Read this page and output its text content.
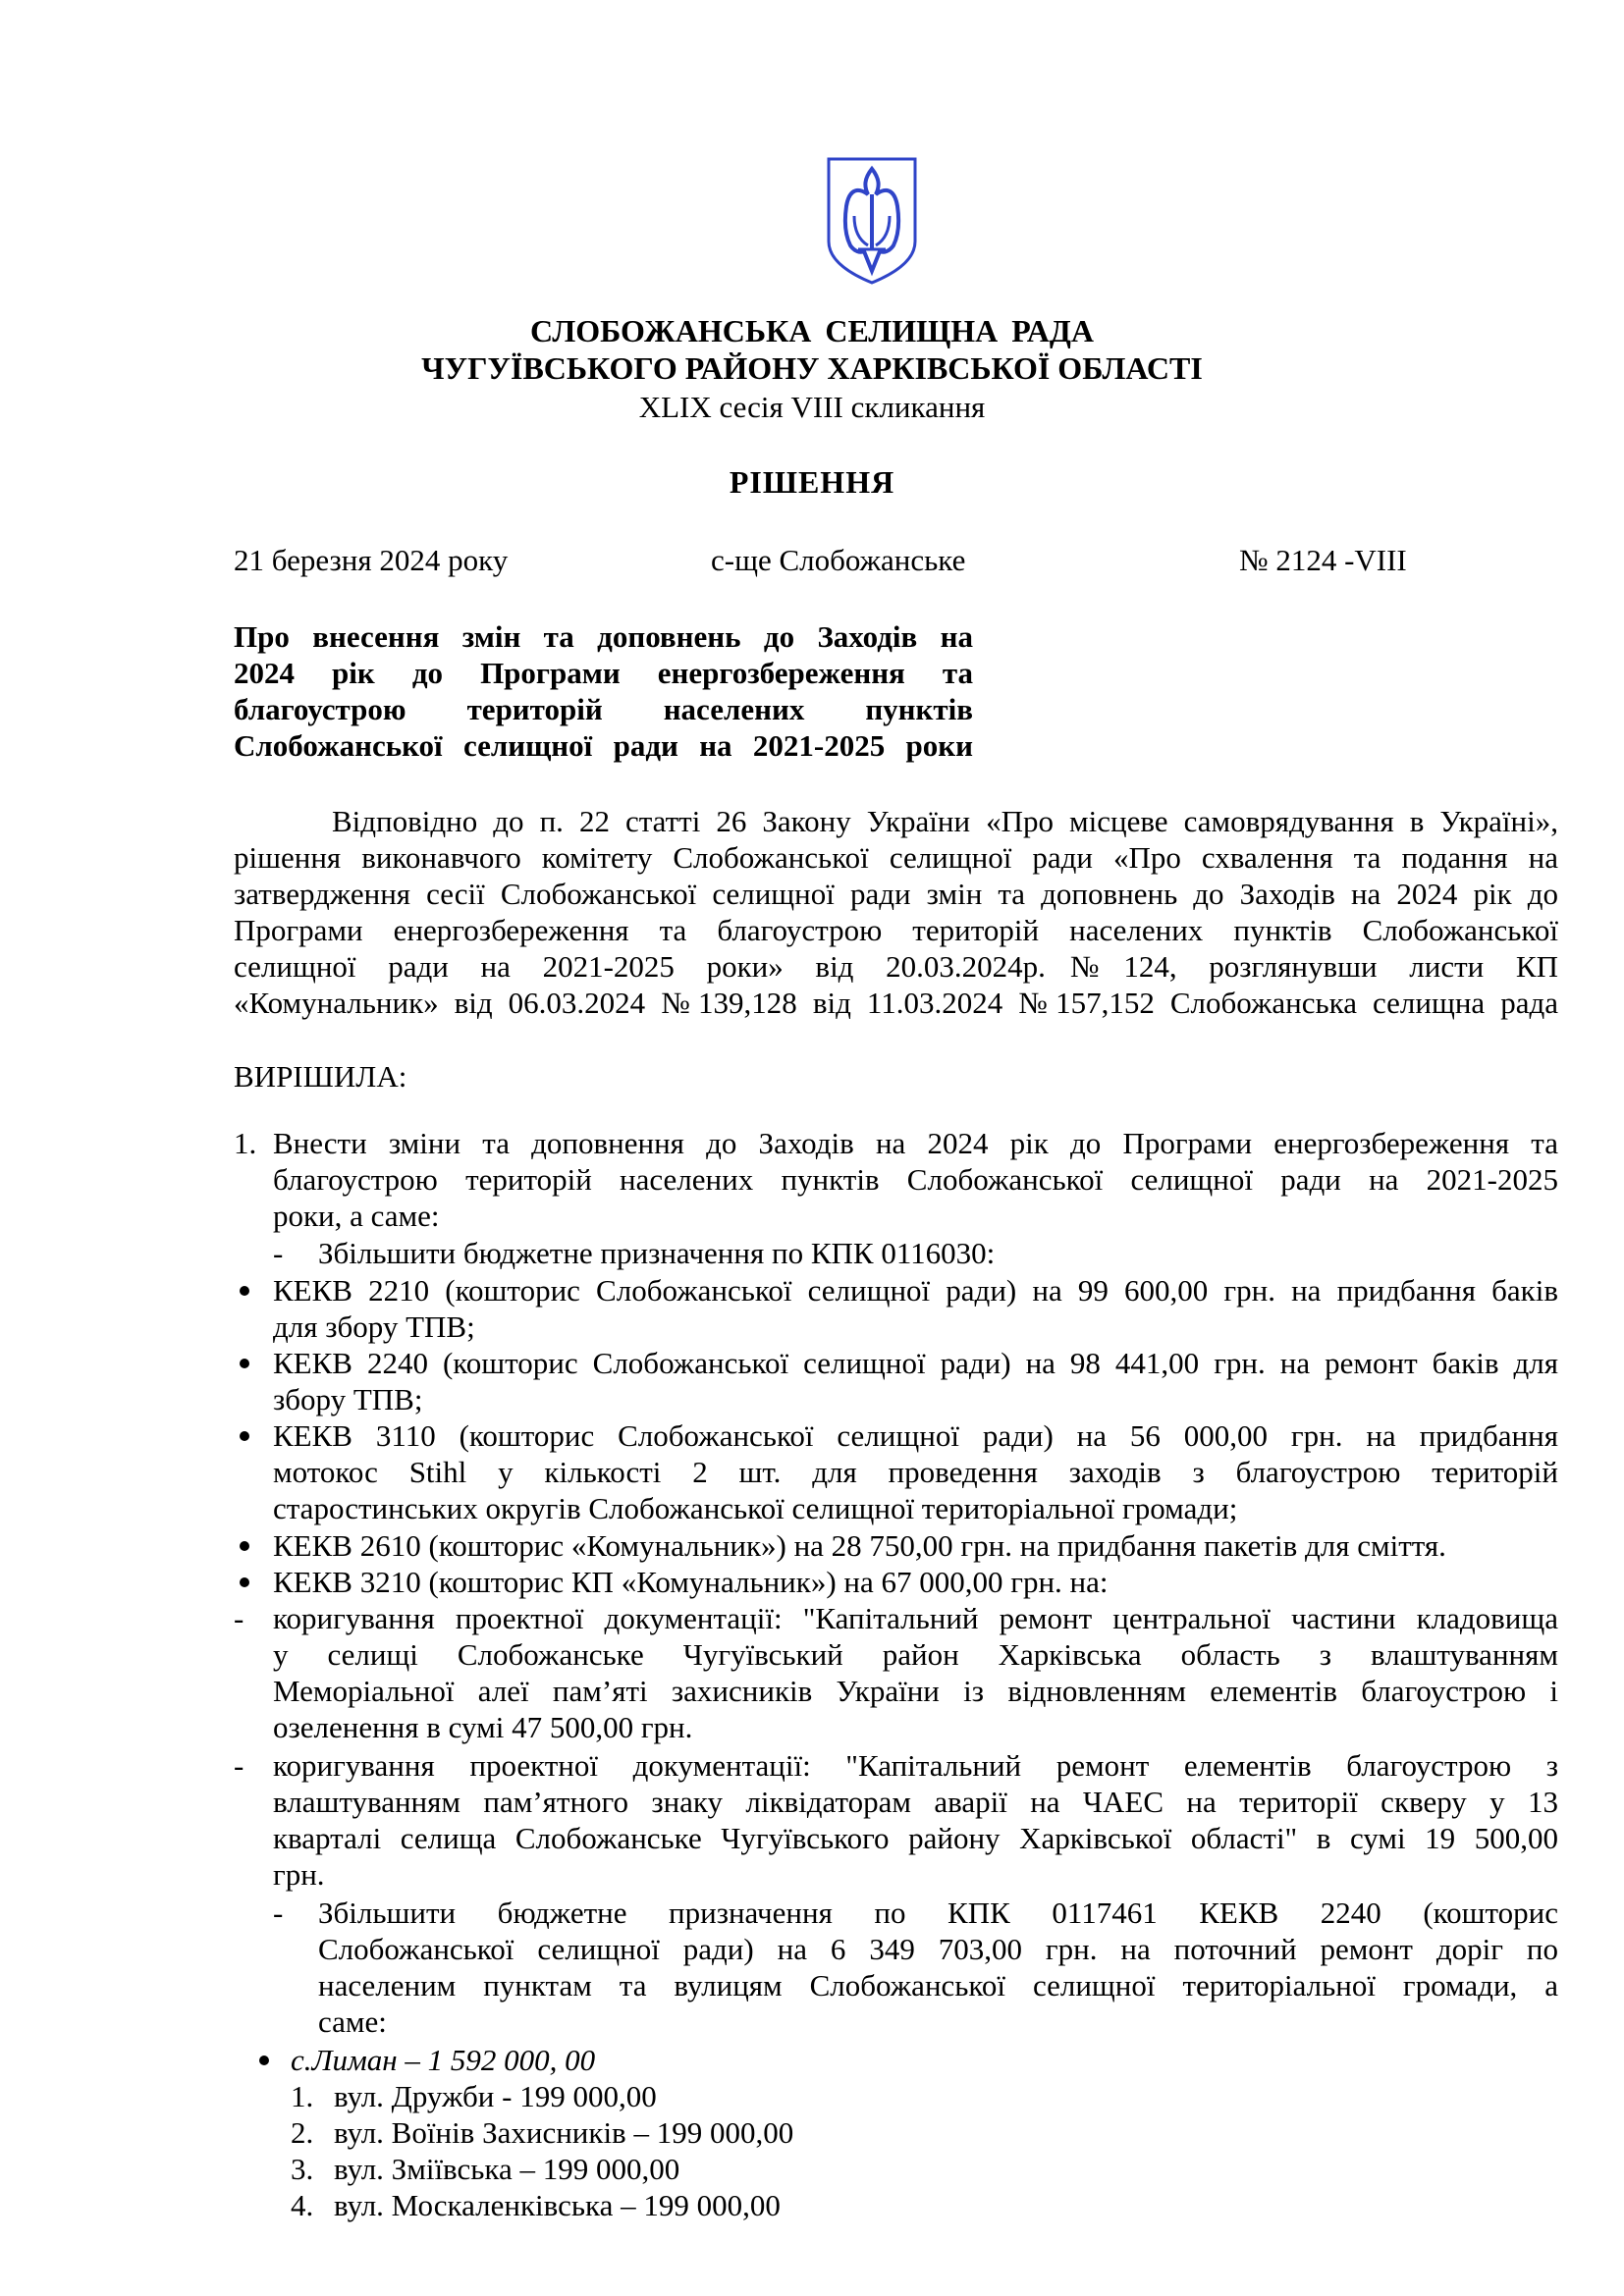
СЛОБОЖАНСЬКА СЕЛИЩНА РАДА
ЧУГУЇВСЬКОГО РАЙОНУ ХАРКІВСЬКОЇ ОБЛАСТІ
XLIX сесія VIII скликання
РІШЕННЯ
21 березня 2024 року	с-ще Слобожанське	№ 2124 -VIII
Про внесення змін та доповнень до Заходів на
2024 рік до Програми енергозбереження та
благоустрою територій населених пунктів
Слобожанської селищної ради на 2021-2025 роки
Відповідно до п. 22 статті 26 Закону України «Про місцеве самоврядування в Україні»,
рішення виконавчого комітету Слобожанської селищної ради «Про схвалення та подання на
затвердження сесії Слобожанської селищної ради змін та доповнень до Заходів на 2024 рік до
Програми енергозбереження та благоустрою територій населених пунктів Слобожанської
селищної ради на 2021-2025 роки» від 20.03.2024р.№124, розглянувши листи КП
«Комунальник» від 06.03.2024 №139,128 від 11.03.2024 №157,152 Слобожанська селищна рада
ВИРІШИЛА:
1. Внести зміни та доповнення до Заходів на 2024 рік до Програми енергозбереження та
благоустрою територій населених пунктів Слобожанської селищної ради на 2021-2025
роки, а саме:
- Збільшити бюджетне призначення по КПК 0116030:
КЕКВ 2210 (кошторис Слобожанської селищної ради) на 99 600,00 грн. на придбання баків
для збору ТПВ;
КЕКВ 2240 (кошторис Слобожанської селищної ради) на 98 441,00 грн. на ремонт баків для
збору ТПВ;
КЕКВ 3110 (кошторис Слобожанської селищної ради) на 56 000,00 грн. на придбання
мотокос Stihl у кількості 2 шт. для проведення заходів з благоустрою територій
старостинських округів Слобожанської селищної територіальної громади;
КЕКВ 2610 (кошторис «Комунальник») на 28 750,00 грн. на придбання пакетів для сміття.
КЕКВ 3210 (кошторис КП «Комунальник») на 67 000,00 грн. на:
- коригування проектної документації: "Капітальний ремонт центральної частини кладовища
у селищі Слобожанське Чугуївський район Харківська область з влаштуванням
Меморіальної алеї пам’яті захисників України із відновленням елементів благоустрою і
озеленення в сумі 47 500,00 грн.
- коригування проектної документації: "Капітальний ремонт елементів благоустрою з
влаштуванням пам’ятного знаку ліквідаторам аварії на ЧАЕС на території скверу у 13
кварталі селища Слобожанське Чугуївського району Харківської області" в сумі 19 500,00
грн.
- Збільшити бюджетне призначення по КПК 0117461 КЕКВ 2240 (кошторис
Слобожанської селищної ради) на 6 349 703,00 грн. на поточний ремонт доріг по
населеним пунктам та вулицям Слобожанської селищної територіальної громади, а
саме:
с.Лиман – 1 592 000, 00
1. вул. Дружби - 199 000,00
2. вул. Воїнів Захисників – 199 000,00
3. вул. Зміївська – 199 000,00
4. вул. Москаленківська – 199 000,00
